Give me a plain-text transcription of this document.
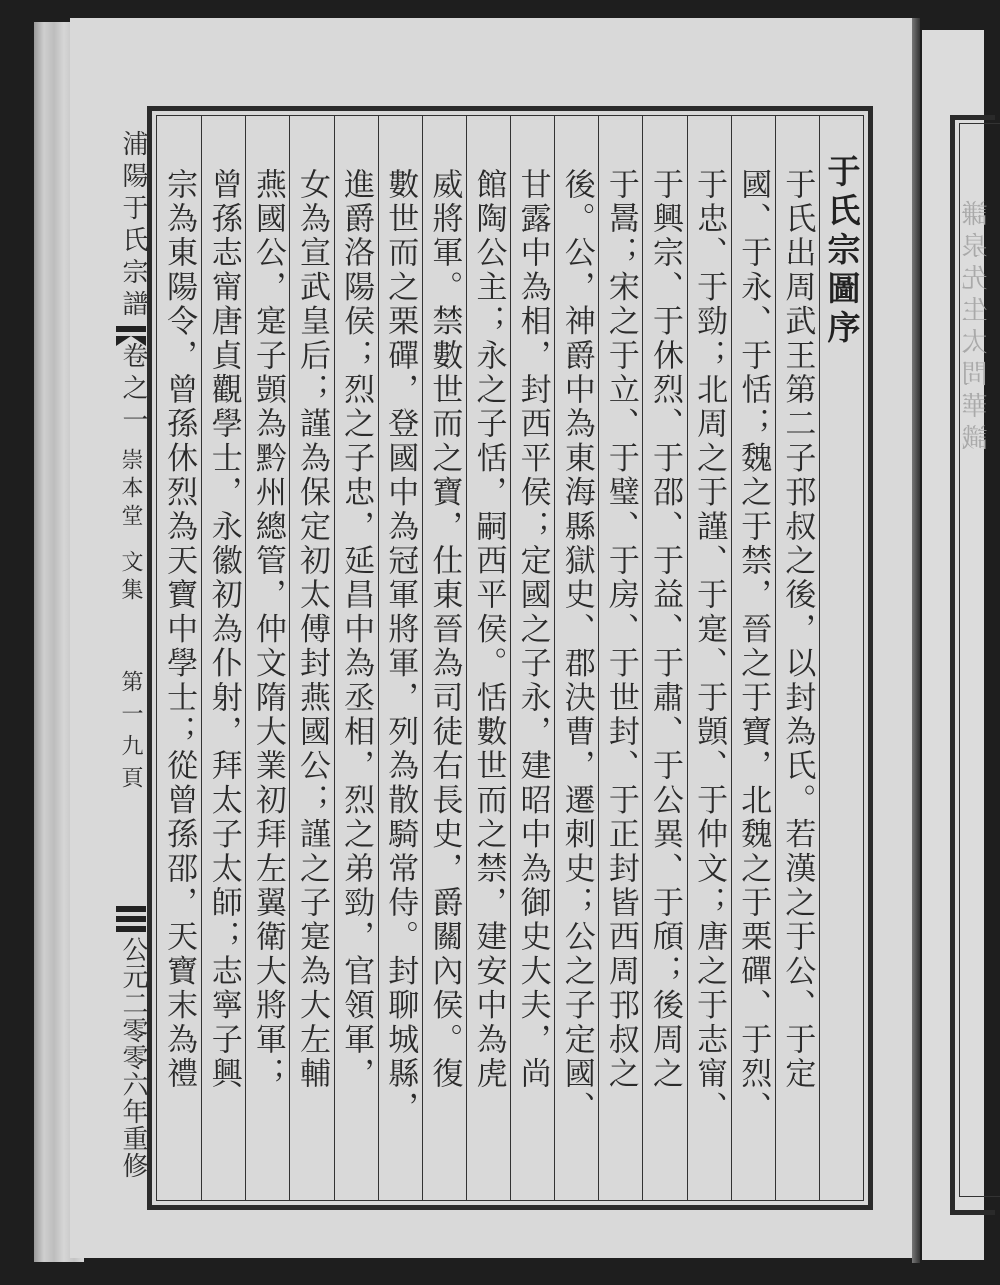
謙泉先生太問華識
浦陽于氏宗譜
卷之一
崇本堂
文集
第一九頁
公元二零零六年重修
于氏宗圖序
于氏出周武王第二子邘叔之後，以封為氏。若漢之于公、于定
國、于永、于恬；魏之于禁，晉之于寶，北魏之于栗磾、于烈、
于忠、于勁；北周之于謹、于寔、于顗、于仲文；唐之于志甯、
于興宗、于休烈、于邵、于益、于肅、于公異、于頎；後周之
于暠；宋之于立、于璧、于房、于世封、于正封皆西周邘叔之
後。公，神爵中為東海縣獄史、郡決曹，遷刺史；公之子定國、
甘露中為相，封西平侯；定國之子永，建昭中為御史大夫，尚
館陶公主；永之子恬，嗣西平侯。恬數世而之禁，建安中為虎
威將軍。禁數世而之寶，仕東晉為司徒右長史，爵關內侯。復
數世而之栗磾，登國中為冠軍將軍，列為散騎常侍。封聊城縣，
進爵洛陽侯；烈之子忠，延昌中為丞相，烈之弟勁，官領軍，
女為宣武皇后；謹為保定初太傅封燕國公；謹之子寔為大左輔
燕國公，寔子顗為黔州總管，仲文隋大業初拜左翼衛大將軍；
曾孫志甯唐貞觀學士，永徽初為仆射，拜太子太師；志寧子興
宗為東陽令，曾孫休烈為天寶中學士；從曾孫邵，天寶末為禮
